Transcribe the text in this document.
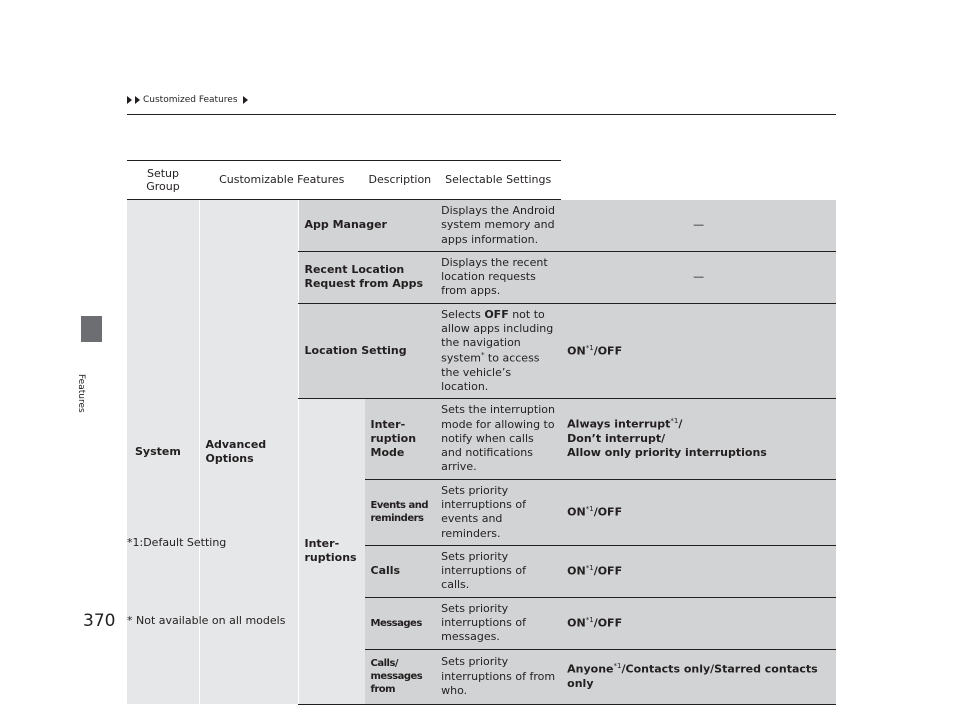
Features
Customized Features
Setup Group	Customizable Features		Description	Selectable Settings	
System	Advanced Options	App Manager		Displays the Android system memory and apps information.	—
		Recent Location Request from Apps		Displays the recent location requests from apps.	—
		Location Setting		Selects OFF not to allow apps including the navigation system* to access the vehicle’s location.	ON$^{*1}$/OFF
		Inter-ruptions	Inter-ruption Mode	Sets the interruption mode for allowing to notify when calls and notifications arrive.	Always interrupt$^{*1}$/
Don’t interrupt/
Allow only priority interruptions
			Events and reminders	Sets priority interruptions of events and reminders.	ON$^{*1}$/OFF
			Calls	Sets priority interruptions of calls.	ON$^{*1}$/OFF
			Messages	Sets priority interruptions of messages.	ON$^{*1}$/OFF
			Calls/ messages from	Sets priority interruptions of from who.	Anyone$^{*1}$/Contacts only/Starred contacts only
*1:Default Setting
370 * Not available on all models
